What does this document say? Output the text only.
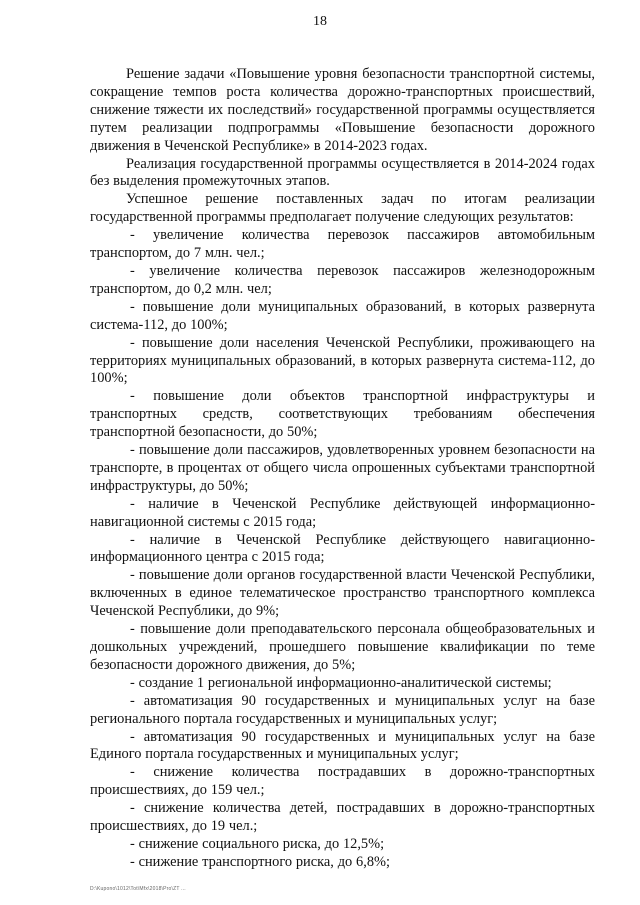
18

Решение задачи «Повышение уровня безопасности транспортной системы, сокращение темпов роста количества дорожно-транспортных происшествий, снижение тяжести их последствий» государственной программы осуществляется путем реализации подпрограммы «Повышение безопасности дорожного движения в Чеченской Республике» в 2014-2023 годах.

Реализация государственной программы осуществляется в 2014-2024 годах без выделения промежуточных этапов.

Успешное решение поставленных задач по итогам реализации государственной программы предполагает получение следующих результатов:

- увеличение количества перевозок пассажиров автомобильным транспортом, до 7 млн. чел.;

- увеличение количества перевозок пассажиров железнодорожным транспортом, до 0,2 млн. чел;

- повышение доли муниципальных образований, в которых развернута система-112, до 100%;

- повышение доли населения Чеченской Республики, проживающего на территориях муниципальных образований, в которых развернута система-112, до 100%;

- повышение доли объектов транспортной инфраструктуры и транспортных средств, соответствующих требованиям обеспечения транспортной безопасности, до 50%;

- повышение доли пассажиров, удовлетворенных уровнем безопасности на транспорте, в процентах от общего числа опрошенных субъектами транспортной инфраструктуры, до 50%;

- наличие в Чеченской Республике действующей информационно-навигационной системы с 2015 года;

- наличие в Чеченской Республике действующего навигационно-информационного центра с 2015 года;

- повышение доли органов государственной власти Чеченской Республики, включенных в единое телематическое пространство транспортного комплекса Чеченской Республики, до 9%;

- повышение доли преподавательского персонала общеобразовательных и дошкольных учреждений, прошедшего повышение квалификации по теме безопасности дорожного движения, до 5%;

- создание 1 региональной информационно-аналитической системы;

- автоматизация 90 государственных и муниципальных услуг на базе регионального портала государственных и муниципальных услуг;

- автоматизация 90 государственных и муниципальных услуг на базе Единого портала государственных и муниципальных услуг;

- снижение количества пострадавших в дорожно-транспортных происшествиях, до 159 чел.;

- снижение количества детей, пострадавших в дорожно-транспортных происшествиях, до 19 чел.;

- снижение социального риска, до 12,5%;

- снижение транспортного риска, до 6,8%;

D:\Kupono\1012\Tot\Mfx\2018\Pro\ZT ...
